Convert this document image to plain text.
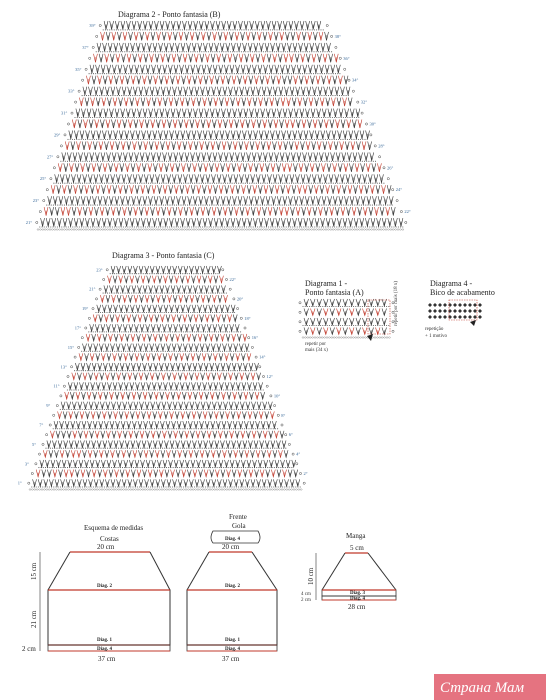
Diagrama 2 - Ponto fantasia (B)
39°
38°
37°
36°
35°
34°
33°
32°
31°
30°
29°
28°
27°
26°
25°
24°
23°
22°
21°
Diagrama 3 - Ponto fantasia (C)
23°
22°
21°
20°
19°
18°
17°
16°
15°
14°
13°
12°
11°
10°
9°
8°
7°
6°
5°
4°
3°
2°
1°
Diagrama 1 -
Ponto fantasia (A)
repetir por
mais (34 x)
repetir por mais (18 x)	Diagrama 4 -
Bico de acabamento
repetição
+ 1 motivo
Esquema de medidas
Costas
20 cm
15 cm
21 cm
2 cm
37 cm
Diag. 2
Diag. 1
Diag. 4
Frente
Gola
Diag. 4
20 cm
37 cm
Diag. 2
Diag. 1
Diag. 4
Manga
5 cm
10 cm
4 cm
2 cm
28 cm
Diag. 3
Diag. 4
Страна Мам
